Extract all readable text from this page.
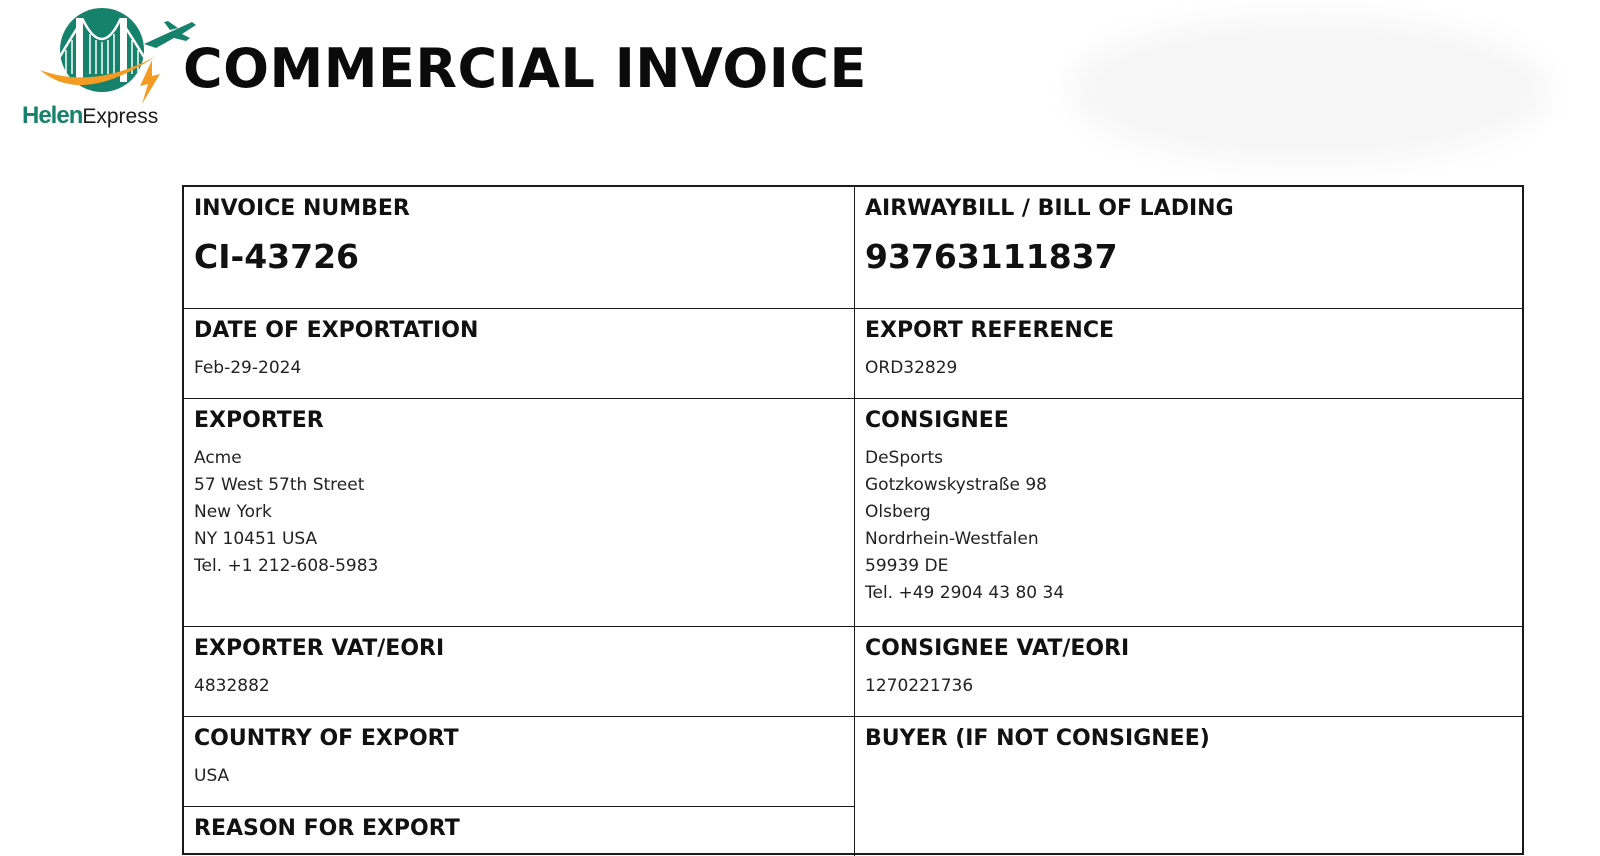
HelenExpress
COMMERCIAL INVOICE
INVOICE NUMBER
CI-43726
AIRWAYBILL / BILL OF LADING
93763111837
DATE OF EXPORTATION
Feb-29-2024
EXPORT REFERENCE
ORD32829
EXPORTER
Acme
57 West 57th Street
New York
NY 10451 USA
Tel. +1 212-608-5983
CONSIGNEE
DeSports
Gotzkowskystraße 98
Olsberg
Nordrhein-Westfalen
59939 DE
Tel. +49 2904 43 80 34
EXPORTER VAT/EORI
4832882
CONSIGNEE VAT/EORI
1270221736
COUNTRY OF EXPORT
USA
BUYER (IF NOT CONSIGNEE)
REASON FOR EXPORT
